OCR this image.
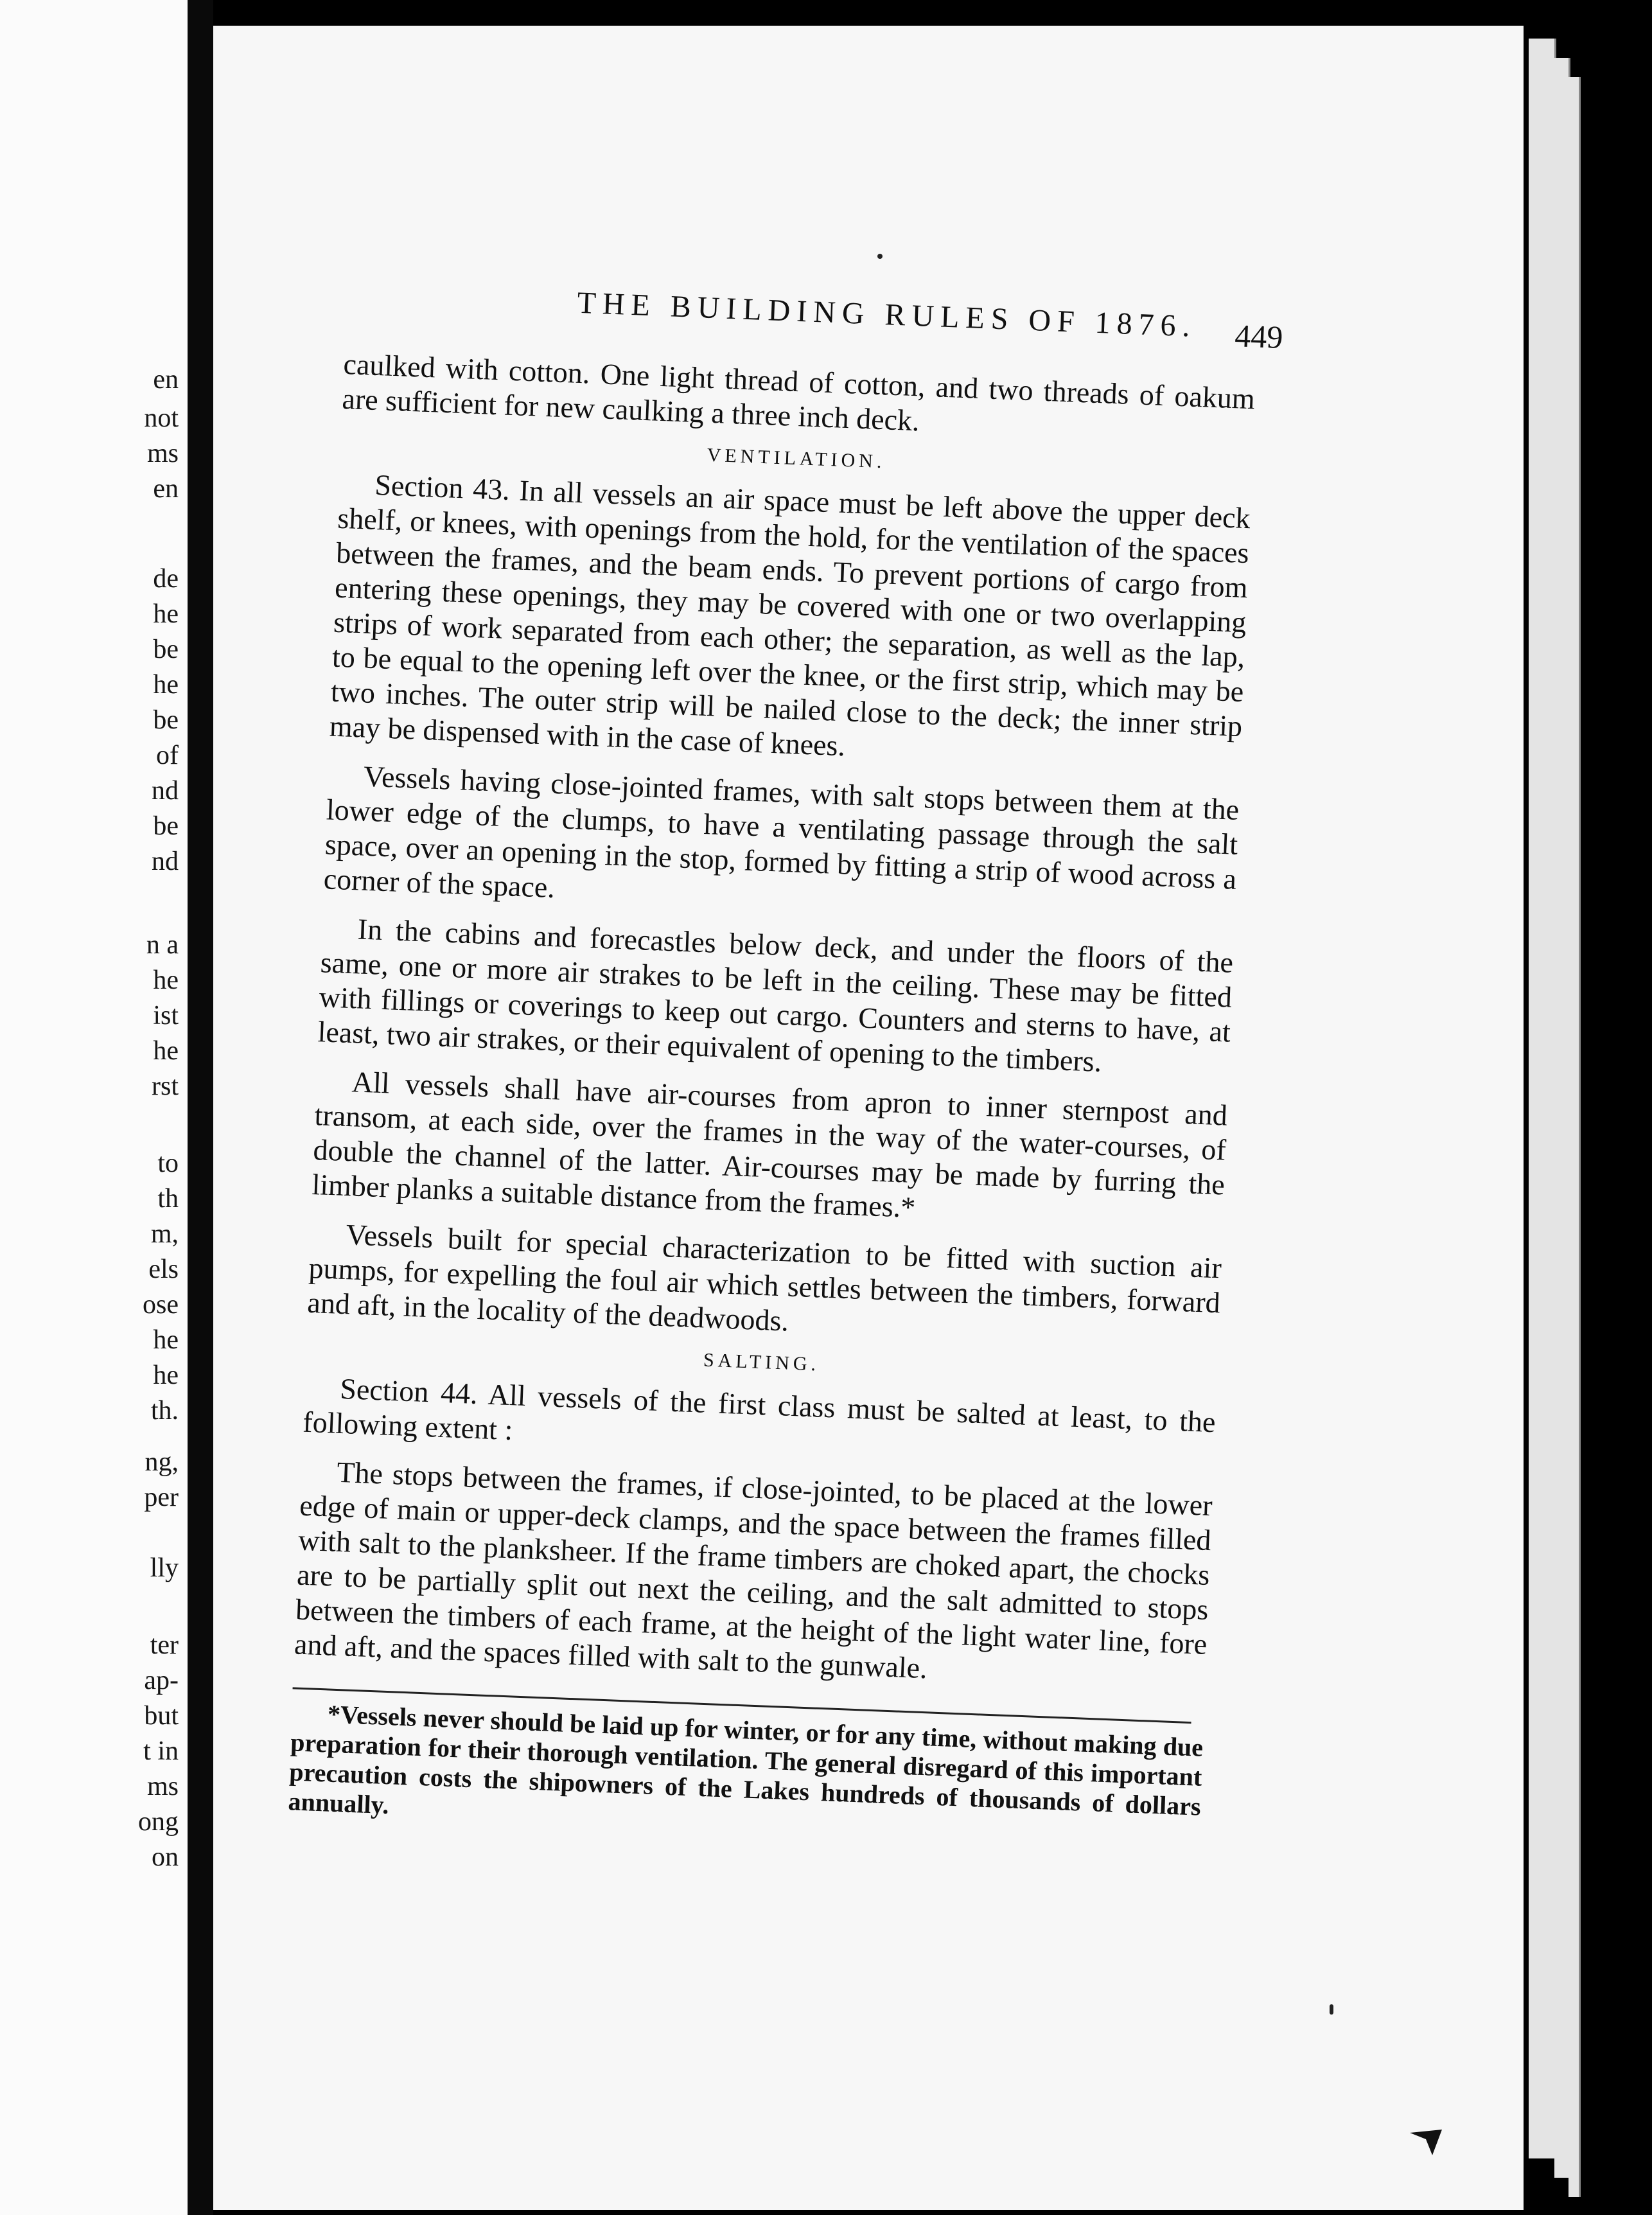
en
not
ms
en
de
he
be
he
be
of
nd
be
nd
n a
he
ist
he
rst
to
th
m,
els
ose
he
he
th.
ng,
per
lly
ter
ap-
but
t in
ms
ong
on
THE BUILDING RULES OF 1876. 449

caulked with cotton. One light thread of cotton, and two threads of oakum are sufficient for new caulking a three inch deck.

VENTILATION.

Section 43. In all vessels an air space must be left above the upper deck shelf, or knees, with openings from the hold, for the ventilation of the spaces between the frames, and the beam ends. To prevent portions of cargo from entering these openings, they may be covered with one or two overlapping strips of work separated from each other; the separation, as well as the lap, to be equal to the opening left over the knee, or the first strip, which may be two inches. The outer strip will be nailed close to the deck; the inner strip may be dispensed with in the case of knees.

Vessels having close-jointed frames, with salt stops between them at the lower edge of the clumps, to have a ventilating passage through the salt space, over an opening in the stop, formed by fitting a strip of wood across a corner of the space.

In the cabins and forecastles below deck, and under the floors of the same, one or more air strakes to be left in the ceiling. These may be fitted with fillings or coverings to keep out cargo. Counters and sterns to have, at least, two air strakes, or their equivalent of opening to the timbers.

All vessels shall have air-courses from apron to inner sternpost and transom, at each side, over the frames in the way of the water-courses, of double the channel of the latter. Air-courses may be made by furring the limber planks a suitable distance from the frames.*

Vessels built for special characterization to be fitted with suction air pumps, for expelling the foul air which settles between the timbers, forward and aft, in the locality of the deadwoods.

SALTING.

Section 44. All vessels of the first class must be salted at least, to the following extent :

The stops between the frames, if close-jointed, to be placed at the lower edge of main or upper-deck clamps, and the space between the frames filled with salt to the planksheer. If the frame timbers are choked apart, the chocks are to be partially split out next the ceiling, and the salt admitted to stops between the timbers of each frame, at the height of the light water line, fore and aft, and the spaces filled with salt to the gunwale.

*Vessels never should be laid up for winter, or for any time, without making due preparation for their thorough ventilation. The general disregard of this important precaution costs the shipowners of the Lakes hundreds of thousands of dollars annually.
